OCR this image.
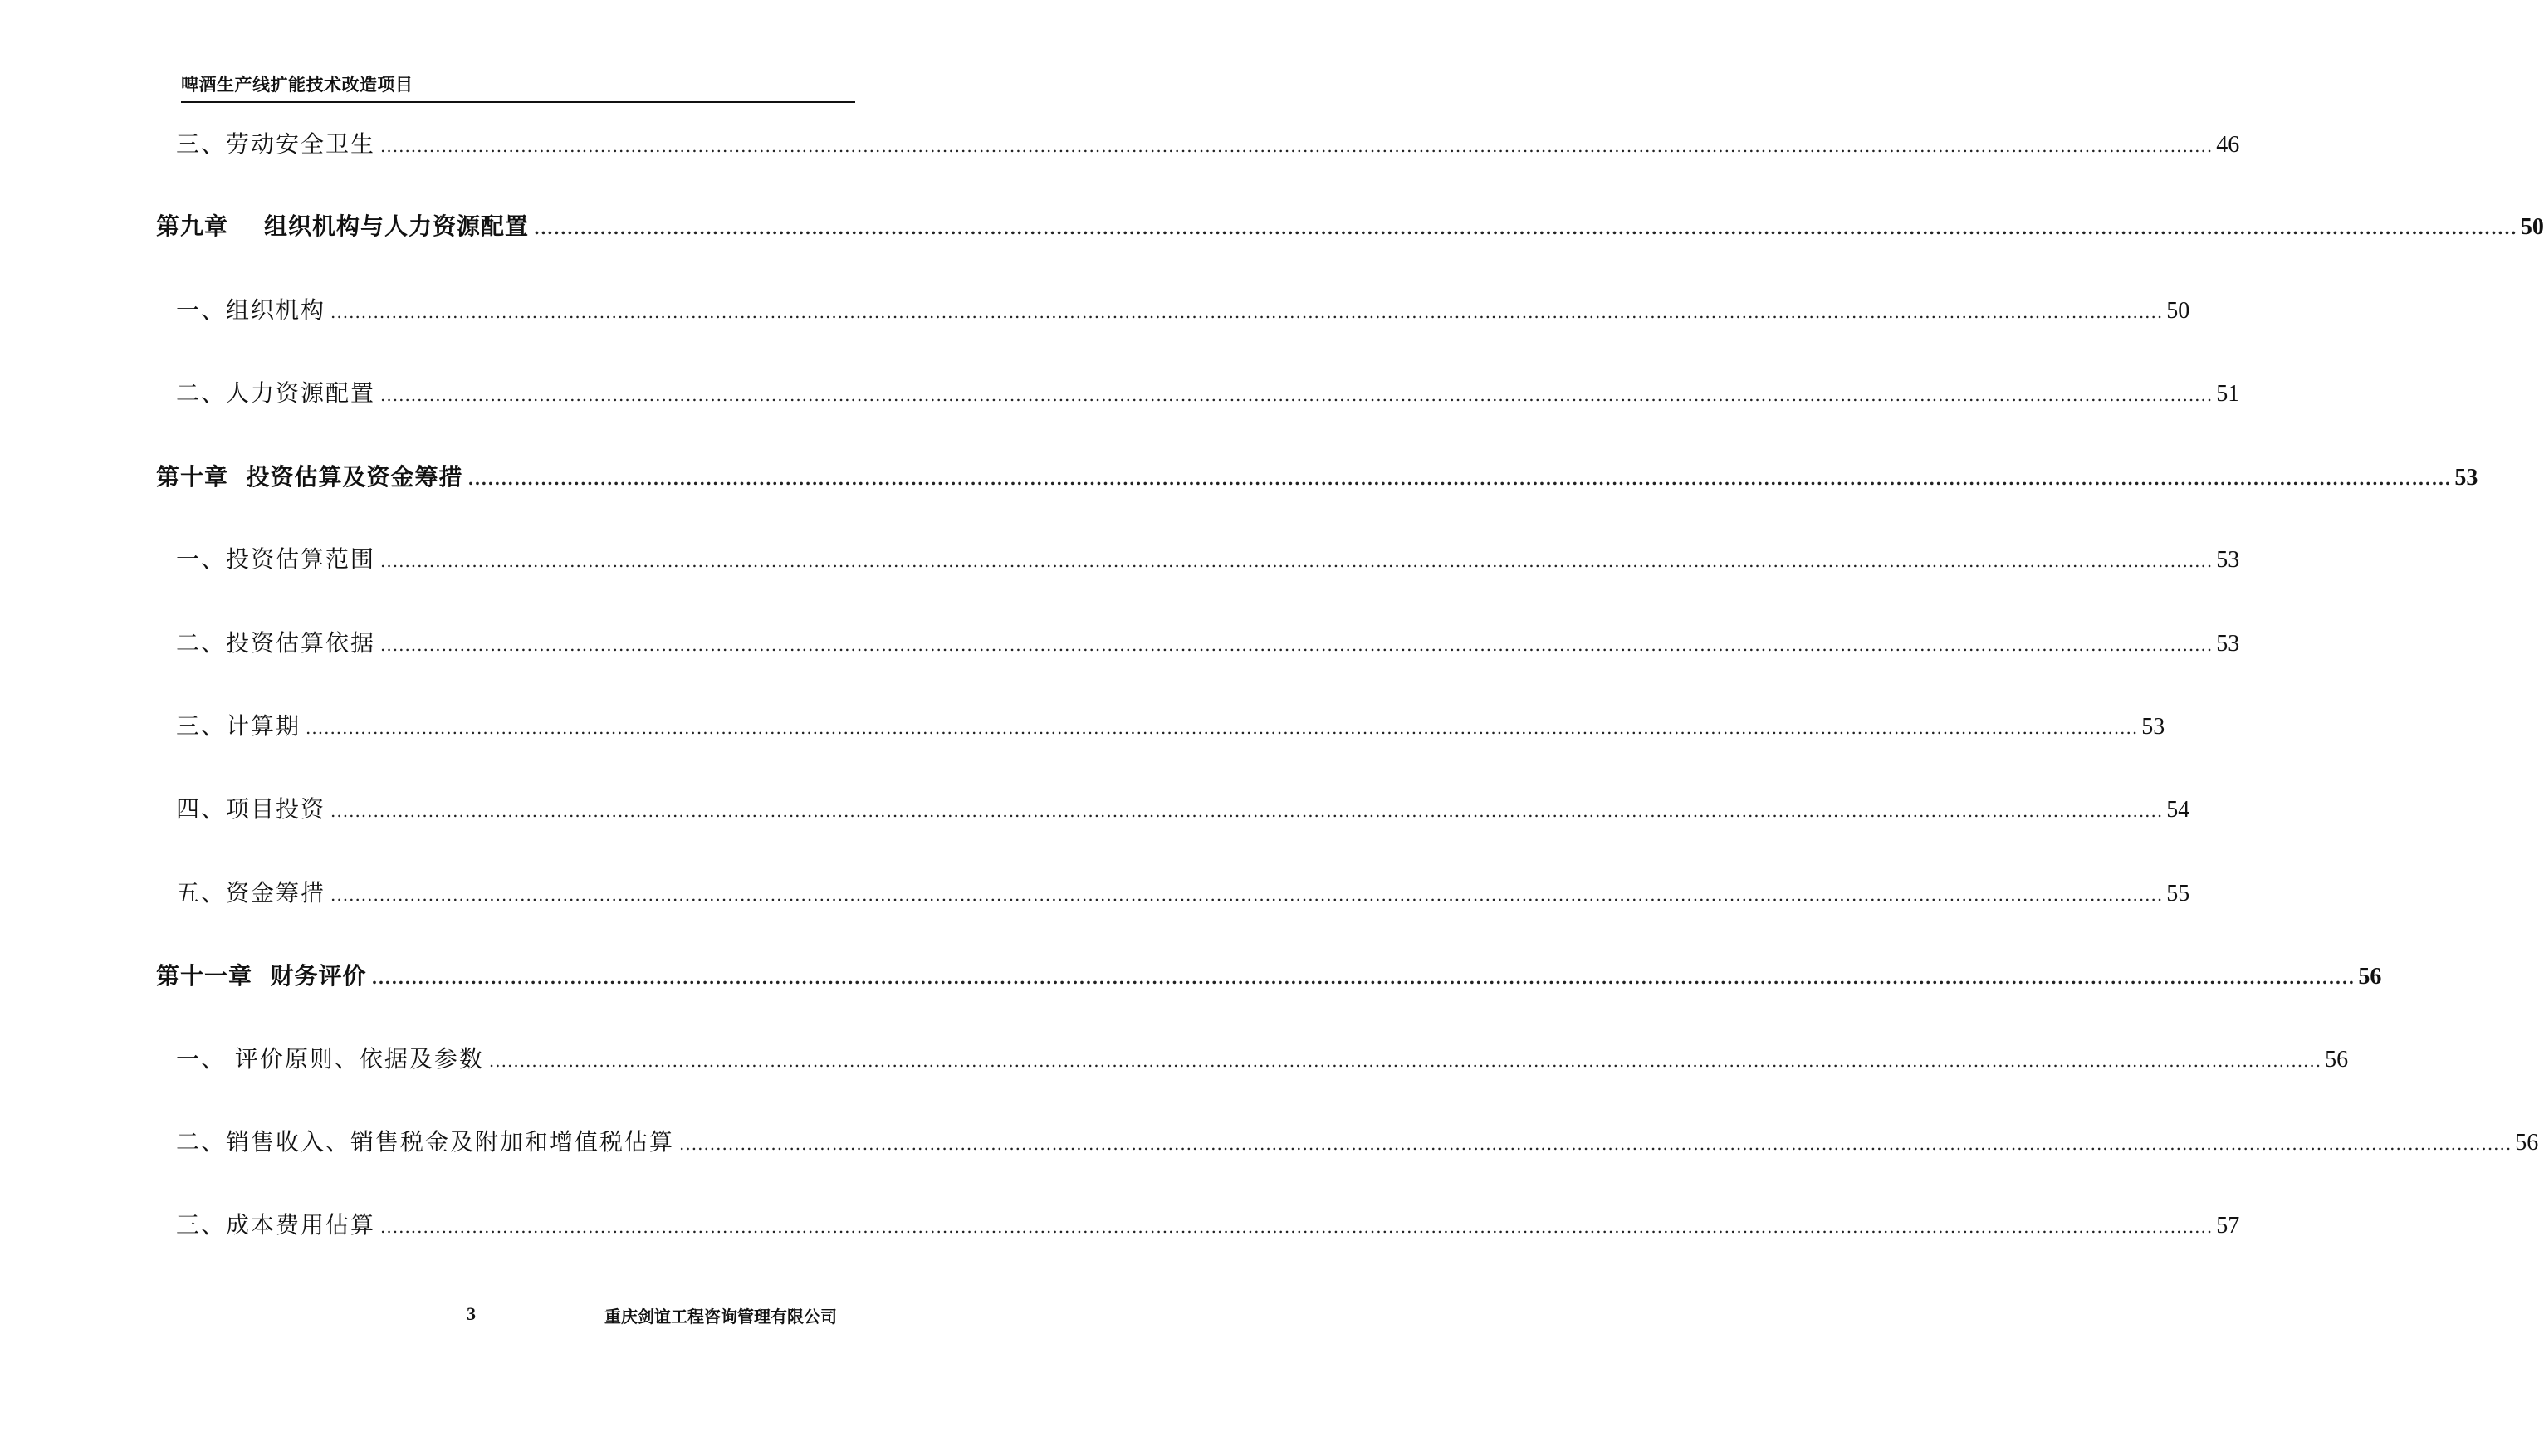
啤酒生产线扩能技术改造项目
三、劳动安全卫生 ............................................................................................................................................................................................................................................................................................................ 46
第九章    组织机构与人力资源配置 ............................................................................................................................................................................................................................................................................................................ 50
一、组织机构 ............................................................................................................................................................................................................................................................................................................ 50
二、人力资源配置 ............................................................................................................................................................................................................................................................................................................ 51
第十章  投资估算及资金筹措 ............................................................................................................................................................................................................................................................................................................ 53
一、投资估算范围 ............................................................................................................................................................................................................................................................................................................ 53
二、投资估算依据 ............................................................................................................................................................................................................................................................................................................ 53
三、计算期 ............................................................................................................................................................................................................................................................................................................ 53
四、项目投资 ............................................................................................................................................................................................................................................................................................................ 54
五、资金筹措 ............................................................................................................................................................................................................................................................................................................ 55
第十一章  财务评价 ............................................................................................................................................................................................................................................................................................................ 56
一、 评价原则、依据及参数 ............................................................................................................................................................................................................................................................................................................ 56
二、销售收入、销售税金及附加和增值税估算 ............................................................................................................................................................................................................................................................................................................ 56
三、成本费用估算 ............................................................................................................................................................................................................................................................................................................ 57
3	重庆剑谊工程咨询管理有限公司
